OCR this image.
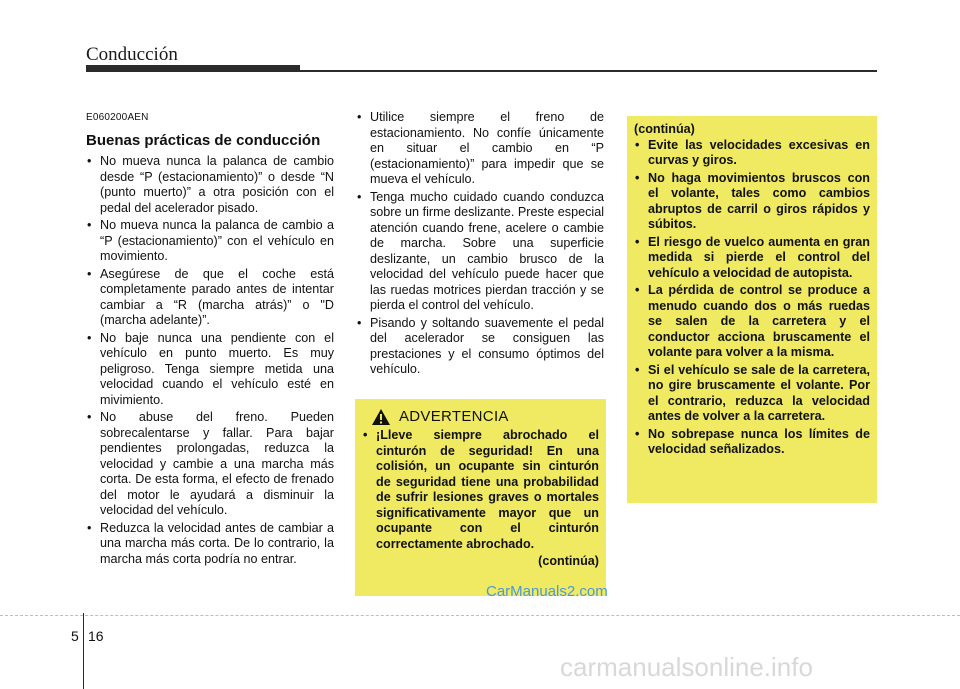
Conducción
E060200AEN
Buenas prácticas de conducción
• No mueva nunca la palanca de cambio desde “P (estacionamiento)” o desde “N (punto muerto)” a otra posición con el pedal del acelerador pisado.
• No mueva nunca la palanca de cambio a “P (estacionamiento)” con el vehículo en movimiento.
• Asegúrese de que el coche está completamente parado antes de intentar cambiar a “R (marcha atrás)” o "D (marcha adelante)”.
• No baje nunca una pendiente con el vehículo en punto muerto. Es muy peligroso. Tenga siempre metida una velocidad cuando el vehículo esté en mivimiento.
• No abuse del freno. Pueden sobrecalentarse y fallar. Para bajar pendientes prolongadas, reduzca la velocidad y cambie a una marcha más corta. De esta forma, el efecto de frenado del motor le ayudará a disminuir la velocidad del vehículo.
• Reduzca la velocidad antes de cambiar a una marcha más corta. De lo contrario, la marcha más corta podría no entrar.
• Utilice siempre el freno de estacionamiento. No confíe únicamente en situar el cambio en “P (estacionamiento)” para impedir que se mueva el vehículo.
• Tenga mucho cuidado cuando conduzca sobre un firme deslizante. Preste especial atención cuando frene, acelere o cambie de marcha. Sobre una superficie deslizante, un cambio brusco de la velocidad del vehículo puede hacer que las ruedas motrices pierdan tracción y se pierda el control del vehículo.
• Pisando y soltando suavemente el pedal del acelerador se consiguen las prestaciones y el consumo óptimos del vehículo.
ADVERTENCIA
• ¡Lleve siempre abrochado el cinturón de seguridad! En una colisión, un ocupante sin cinturón de seguridad tiene una probabilidad de sufrir lesiones graves o mortales significativamente mayor que un ocupante con el cinturón correctamente abrochado.
(continúa)
(continúa)
• Evite las velocidades excesivas en curvas y giros.
• No haga movimientos bruscos con el volante, tales como cambios abruptos de carril o giros rápidos y súbitos.
• El riesgo de vuelco aumenta en gran medida si pierde el control del vehículo a velocidad de autopista.
• La pérdida de control se produce a menudo cuando dos o más ruedas se salen de la carretera y el conductor acciona bruscamente el volante para volver a la misma.
• Si el vehículo se sale de la carretera, no gire bruscamente el volante. Por el contrario, reduzca la velocidad antes de volver a la carretera.
• No sobrepase nunca los límites de velocidad señalizados.
CarManuals2.com
5 16
carmanualsonline.info
